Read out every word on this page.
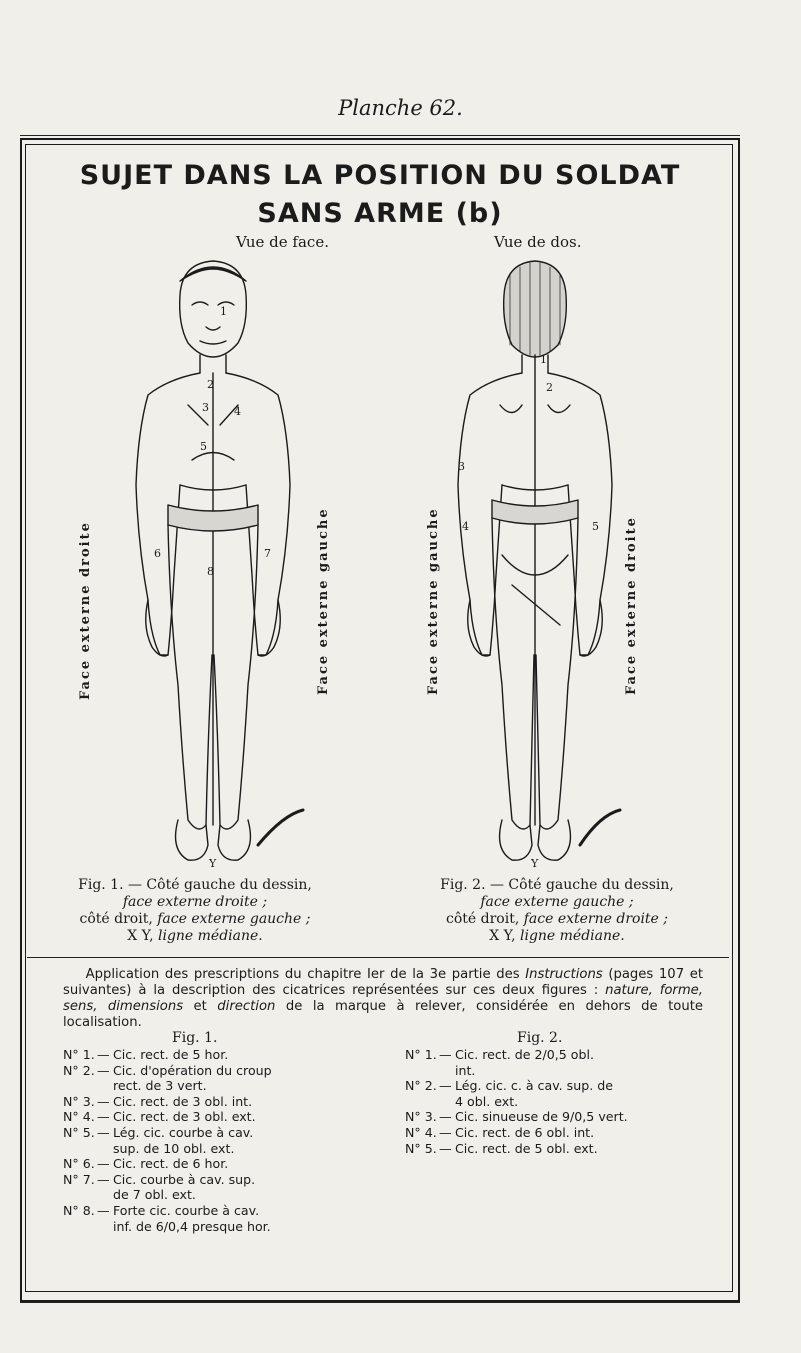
Planche 62.
SUJET DANS LA POSITION DU SOLDAT
SANS ARME (b)
Vue de face.	Vue de dos.
Face externe droite	Face externe gauche	Face externe gauche	Face externe droite
1
2
3 4
5
6	7
8
Y
1
2
3
4	5
Y
Fig. 1. — Côté gauche du dessin,
face externe droite ;
côté droit, face externe gauche ;
X Y, ligne médiane.
Fig. 2. — Côté gauche du dessin,
face externe gauche ;
côté droit, face externe droite ;
X Y, ligne médiane.
Application des prescriptions du chapitre Ier de la 3e partie des Instructions (pages 107 et suivantes) à la description des cicatrices représentées sur ces deux figures : nature, forme, sens, dimensions et direction de la marque à relever, considérée en dehors de toute localisation.
Fig. 1.	Fig. 2.
N° 1. — Cic. rect. de 5 hor.
N° 2. — Cic. d'opération du croup
rect. de 3 vert.
N° 3. — Cic. rect. de 3 obl. int.
N° 4. — Cic. rect. de 3 obl. ext.
N° 5. — Lég. cic. courbe à cav.
sup. de 10 obl. ext.
N° 6. — Cic. rect. de 6 hor.
N° 7. — Cic. courbe à cav. sup.
de 7 obl. ext.
N° 8. — Forte cic. courbe à cav.
inf. de 6/0,4 presque hor.
N° 1. — Cic. rect. de 2/0,5 obl.
int.
N° 2. — Lég. cic. c. à cav. sup. de
4 obl. ext.
N° 3. — Cic. sinueuse de 9/0,5 vert.
N° 4. — Cic. rect. de 6 obl. int.
N° 5. — Cic. rect. de 5 obl. ext.
